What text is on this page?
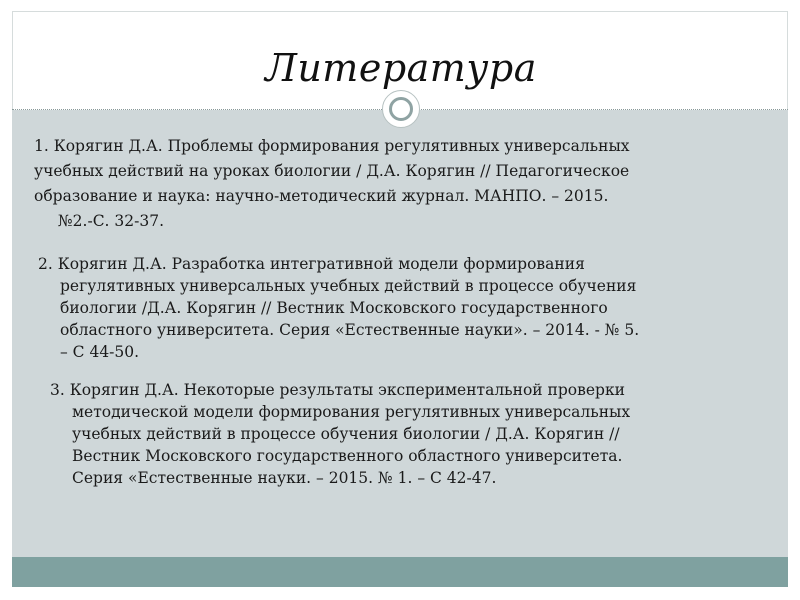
Литература

1. Корягин Д.А. Проблемы формирования регулятивных универсальных
учебных действий на уроках биологии / Д.А. Корягин // Педагогическое
образование и наука: научно-методический журнал. МАНПО. – 2015.
№2.-С. 32-37.

2. Корягин Д.А. Разработка интегративной модели формирования
регулятивных универсальных учебных действий в процессе обучения
биологии /Д.А. Корягин // Вестник Московского государственного
областного университета. Серия «Естественные науки». – 2014. - № 5.
– С 44-50.

3. Корягин Д.А. Некоторые результаты экспериментальной проверки
методической модели формирования регулятивных универсальных
учебных действий в процессе обучения биологии / Д.А. Корягин //
Вестник Московского государственного областного университета.
Серия «Естественные науки. – 2015. № 1. – С 42-47.
